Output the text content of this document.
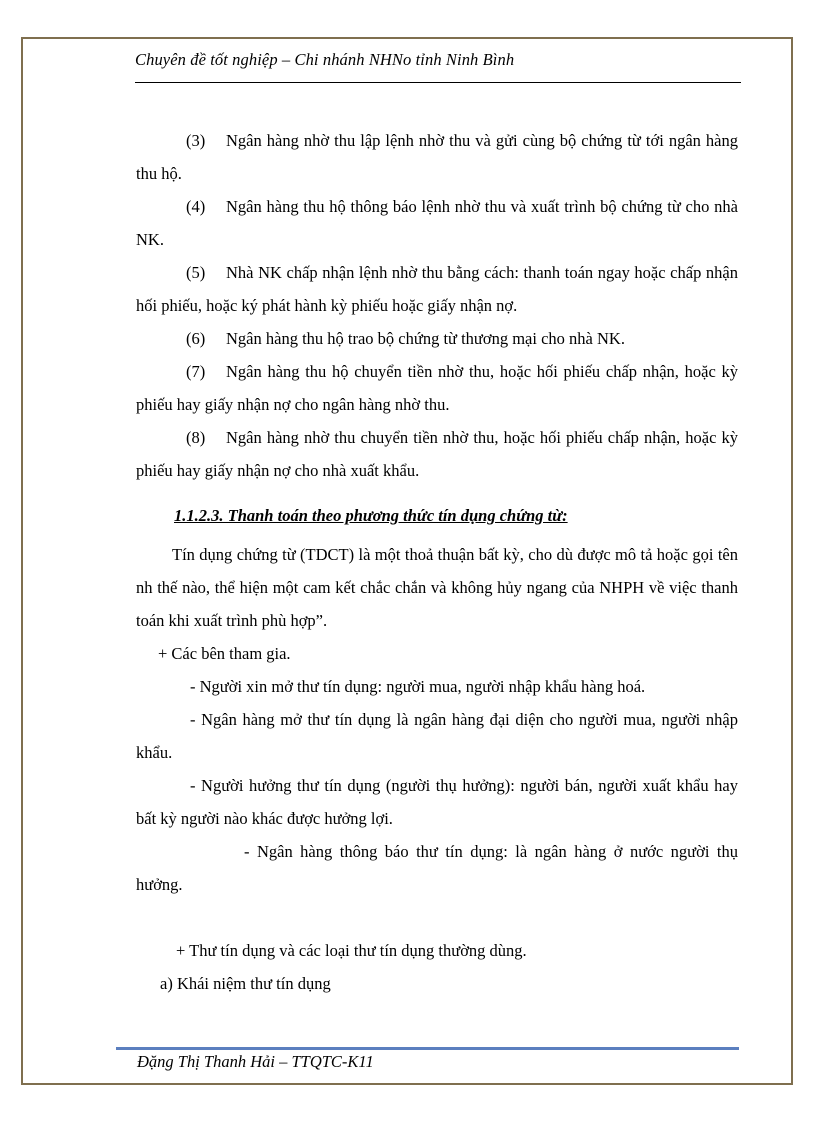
Chuyên đề tốt nghiệp – Chi nhánh NHNo tỉnh Ninh Bình

(3) Ngân hàng nhờ thu lập lệnh nhờ thu và gửi cùng bộ chứng từ tới ngân hàng thu hộ.

(4) Ngân hàng thu hộ thông báo lệnh nhờ thu và xuất trình bộ chứng từ cho nhà NK.

(5) Nhà NK chấp nhận lệnh nhờ thu bằng cách: thanh toán ngay hoặc chấp nhận hối phiếu, hoặc ký phát hành kỳ phiếu hoặc giấy nhận nợ.

(6) Ngân hàng thu hộ trao bộ chứng từ thương mại cho nhà NK.

(7) Ngân hàng thu hộ chuyển tiền nhờ thu, hoặc hối phiếu chấp nhận, hoặc kỳ phiếu hay giấy nhận nợ cho ngân hàng nhờ thu.

(8) Ngân hàng nhờ thu chuyển tiền nhờ thu, hoặc hối phiếu chấp nhận, hoặc kỳ phiếu hay giấy nhận nợ cho nhà xuất khẩu.

1.1.2.3. Thanh toán theo phương thức tín dụng chứng từ:

Tín dụng chứng từ (TDCT) là một thoả thuận bất kỳ, cho dù được mô tả hoặc gọi tên nh thế nào, thể hiện một cam kết chắc chắn và không hủy ngang của NHPH về việc thanh toán khi xuất trình phù hợp”.

+ Các bên tham gia.

- Người xin mở thư tín dụng: người mua, người nhập khẩu hàng hoá.

- Ngân hàng mở thư tín dụng là ngân hàng đại diện cho người mua, người nhập khẩu.

- Người hưởng thư tín dụng (người thụ hưởng): người bán, người xuất khẩu hay bất kỳ người nào khác được hưởng lợi.

- Ngân hàng thông báo thư tín dụng: là ngân hàng ở nước người thụ hưởng.

+ Thư tín dụng và các loại thư tín dụng thường dùng.

a) Khái niệm thư tín dụng

Đặng Thị Thanh Hải – TTQTC-K11
